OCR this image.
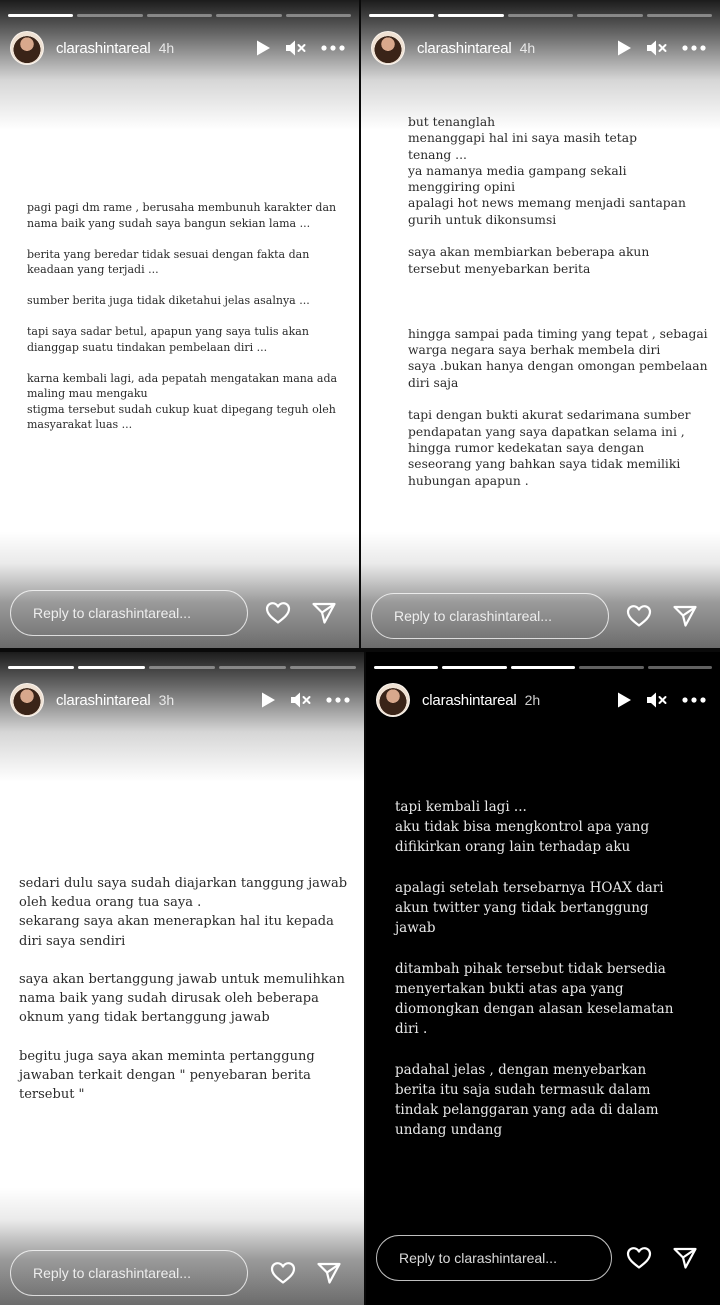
clarashintareal 4h
pagi pagi dm rame , berusaha membunuh karakter dan
nama baik yang sudah saya bangun sekian lama ...

berita yang beredar tidak sesuai dengan fakta dan
keadaan yang terjadi ...

sumber berita juga tidak diketahui jelas asalnya ...

tapi saya sadar betul, apapun yang saya tulis akan
dianggap suatu tindakan pembelaan diri ...

karna kembali lagi, ada pepatah mengatakan mana ada
maling mau mengaku
stigma tersebut sudah cukup kuat dipegang teguh oleh
masyarakat luas ...
Reply to clarashintareal...
clarashintareal 4h
but tenanglah
menanggapi hal ini saya masih tetap
tenang ...
ya namanya media gampang sekali
menggiring opini
apalagi hot news memang menjadi santapan
gurih untuk dikonsumsi

saya akan membiarkan beberapa akun
tersebut menyebarkan berita

hingga sampai pada timing yang tepat , sebagai
warga negara saya berhak membela diri
saya .bukan hanya dengan omongan pembelaan
diri saja

tapi dengan bukti akurat sedarimana sumber
pendapatan yang saya dapatkan selama ini ,
hingga rumor kedekatan saya dengan
seseorang yang bahkan saya tidak memiliki
hubungan apapun .
Reply to clarashintareal...
clarashintareal 3h
sedari dulu saya sudah diajarkan tanggung jawab
oleh kedua orang tua saya .
sekarang saya akan menerapkan hal itu kepada
diri saya sendiri

saya akan bertanggung jawab untuk memulihkan
nama baik yang sudah dirusak oleh beberapa
oknum yang tidak bertanggung jawab

begitu juga saya akan meminta pertanggung
jawaban terkait dengan " penyebaran berita
tersebut "
Reply to clarashintareal...
clarashintareal 2h
tapi kembali lagi ...
aku tidak bisa mengkontrol apa yang
difikirkan orang lain terhadap aku

apalagi setelah tersebarnya HOAX dari
akun twitter yang tidak bertanggung
jawab

ditambah pihak tersebut tidak bersedia
menyertakan bukti atas apa yang
diomongkan dengan alasan keselamatan
diri .

padahal jelas , dengan menyebarkan
berita itu saja sudah termasuk dalam
tindak pelanggaran yang ada di dalam
undang undang
Reply to clarashintareal...
